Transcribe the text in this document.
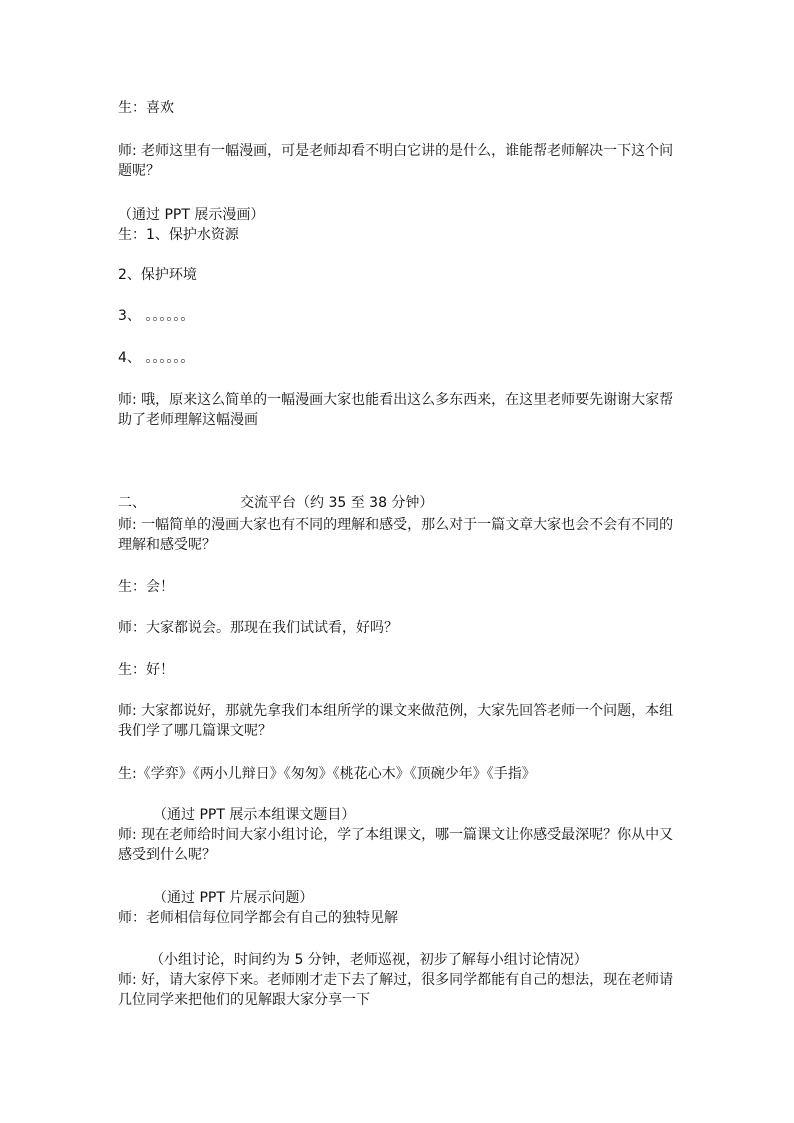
生：喜欢
师: 老师这里有一幅漫画，可是老师却看不明白它讲的是什么，谁能帮老师解决一下这个问
题呢？
（通过 PPT 展示漫画）
生：1、保护水资源
2、保护环境
3、 。。。。。。
4、 。。。。。。
师: 哦，原来这么简单的一幅漫画大家也能看出这么多东西来，在这里老师要先谢谢大家帮
助了老师理解这幅漫画
二、	交流平台（约 35 至 38 分钟）
师: 一幅简单的漫画大家也有不同的理解和感受，那么对于一篇文章大家也会不会有不同的
理解和感受呢？
生：会！
师：大家都说会。那现在我们试试看，好吗？
生：好！
师: 大家都说好，那就先拿我们本组所学的课文来做范例，大家先回答老师一个问题，本组
我们学了哪几篇课文呢？
生:《学弈》《两小儿辩日》《匆匆》《桃花心木》《顶碗少年》《手指》
（通过 PPT 展示本组课文题目）
师: 现在老师给时间大家小组讨论，学了本组课文，哪一篇课文让你感受最深呢？你从中又
感受到什么呢？
（通过 PPT 片展示问题）
师：老师相信每位同学都会有自己的独特见解
（小组讨论，时间约为 5 分钟，老师巡视，初步了解每小组讨论情况）
师: 好，请大家停下来。老师刚才走下去了解过，很多同学都能有自己的想法，现在老师请
几位同学来把他们的见解跟大家分享一下
